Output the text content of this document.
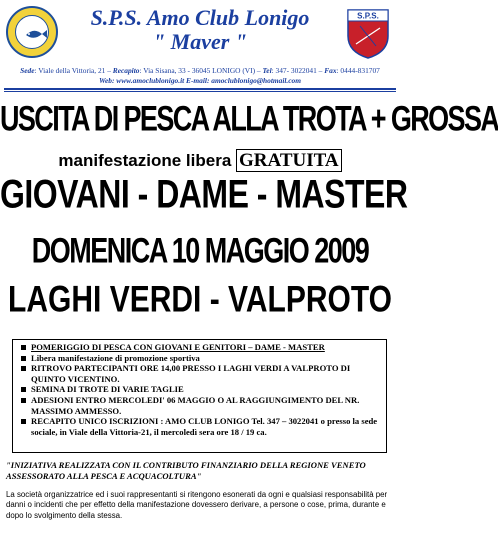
S.P.S.
S.P.S. Amo Club Lonigo
" Maver "
Sede: Viale della Vittoria, 21 – Recapito: Via Sisana, 33 - 36045 LONIGO (VI) – Tel: 347- 3022041 – Fax: 0444-831707
Web: www.amoclublonigo.it E-mail: amoclublonigo@hotmail.com
USCITA DI PESCA ALLA TROTA + GROSSA
manifestazione libera GRATUITA
GIOVANI - DAME - MASTER
DOMENICA 10 MAGGIO 2009
LAGHI VERDI - VALPROTO
POMERIGGIO DI PESCA CON GIOVANI E GENITORI – DAME - MASTER
Libera manifestazione di promozione sportiva
RITROVO PARTECIPANTI ORE 14,00 PRESSO I LAGHI VERDI A VALPROTO DI QUINTO VICENTINO.
SEMINA DI TROTE DI VARIE TAGLIE
ADESIONI ENTRO MERCOLEDI' 06 MAGGIO O AL RAGGIUNGIMENTO DEL NR. MASSIMO AMMESSO.
RECAPITO UNICO ISCRIZIONI : AMO CLUB LONIGO Tel. 347 – 3022041 o presso la sede sociale, in Viale della Vittoria-21, il mercoledì sera ore 18 / 19 ca.
"INIZIATIVA REALIZZATA CON IL CONTRIBUTO FINANZIARIO DELLA REGIONE VENETO ASSESSORATO ALLA PESCA E ACQUACOLTURA"
La società organizzatrice ed i suoi rappresentanti si ritengono esonerati da ogni e qualsiasi responsabilità per danni o incidenti che per effetto della manifestazione dovessero derivare, a persone o cose, prima, durante e dopo lo svolgimento della stessa.
